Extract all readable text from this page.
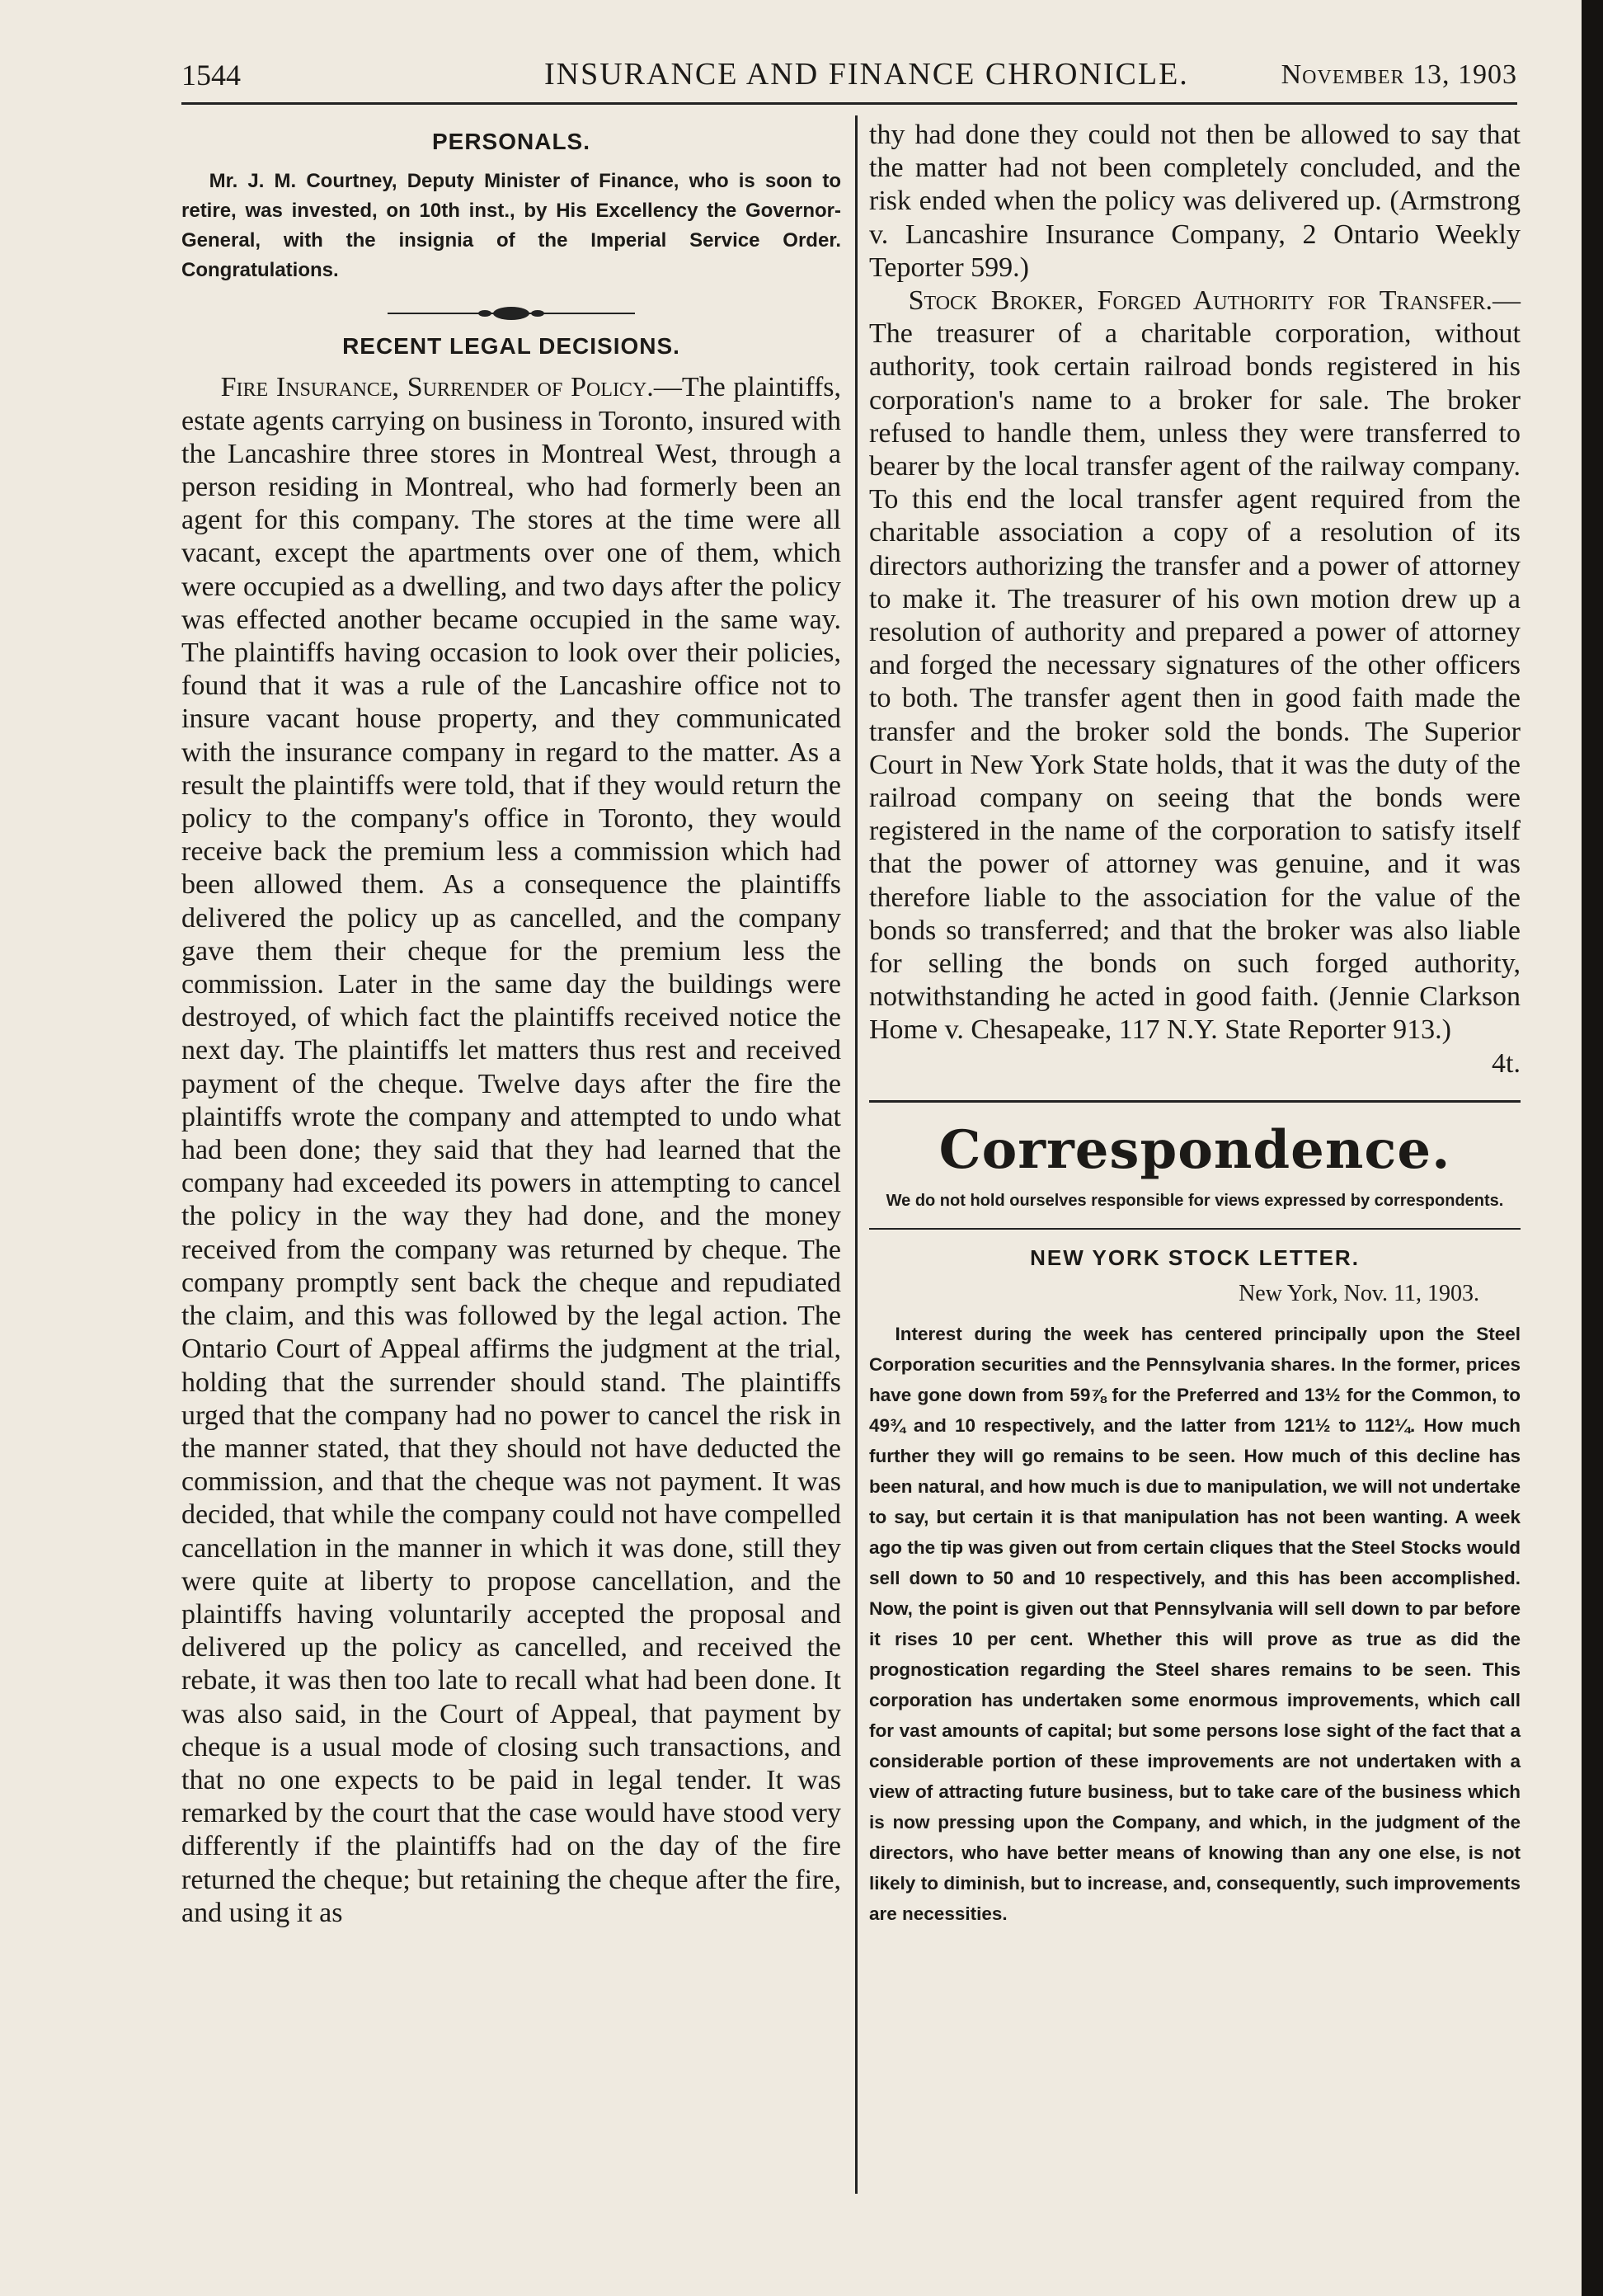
1544	INSURANCE AND FINANCE CHRONICLE.	November 13, 1903
PERSONALS.

Mr. J. M. Courtney, Deputy Minister of Finance, who is soon to retire, was invested, on 10th inst., by His Excellency the Governor-General, with the insignia of the Imperial Service Order. Congratulations.

RECENT LEGAL DECISIONS.

Fire Insurance, Surrender of Policy.—The plaintiffs, estate agents carrying on business in Toronto, insured with the Lancashire three stores in Montreal West, through a person residing in Montreal, who had formerly been an agent for this company. The stores at the time were all vacant, except the apartments over one of them, which were occupied as a dwelling, and two days after the policy was effected another became occupied in the same way. The plaintiffs having occasion to look over their policies, found that it was a rule of the Lancashire office not to insure vacant house property, and they communicated with the insurance company in regard to the matter. As a result the plaintiffs were told, that if they would return the policy to the company's office in Toronto, they would receive back the premium less a commission which had been allowed them. As a consequence the plaintiffs delivered the policy up as cancelled, and the company gave them their cheque for the premium less the commission. Later in the same day the buildings were destroyed, of which fact the plaintiffs received notice the next day. The plaintiffs let matters thus rest and received payment of the cheque. Twelve days after the fire the plaintiffs wrote the company and attempted to undo what had been done; they said that they had learned that the company had exceeded its powers in attempting to cancel the policy in the way they had done, and the money received from the company was returned by cheque. The company promptly sent back the cheque and repudiated the claim, and this was followed by the legal action. The Ontario Court of Appeal affirms the judgment at the trial, holding that the surrender should stand. The plaintiffs urged that the company had no power to cancel the risk in the manner stated, that they should not have deducted the commission, and that the cheque was not payment. It was decided, that while the company could not have compelled cancellation in the manner in which it was done, still they were quite at liberty to propose cancellation, and the plaintiffs having voluntarily accepted the proposal and delivered up the policy as cancelled, and received the rebate, it was then too late to recall what had been done. It was also said, in the Court of Appeal, that payment by cheque is a usual mode of closing such transactions, and that no one expects to be paid in legal tender. It was remarked by the court that the case would have stood very differently if the plaintiffs had on the day of the fire returned the cheque; but retaining the cheque after the fire, and using it as

thy had done they could not then be allowed to say that the matter had not been completely concluded, and the risk ended when the policy was delivered up. (Armstrong v. Lancashire Insurance Company, 2 Ontario Weekly Teporter 599.)

Stock Broker, Forged Authority for Transfer.—The treasurer of a charitable corporation, without authority, took certain railroad bonds registered in his corporation's name to a broker for sale. The broker refused to handle them, unless they were transferred to bearer by the local transfer agent of the railway company. To this end the local transfer agent required from the charitable association a copy of a resolution of its directors authorizing the transfer and a power of attorney to make it. The treasurer of his own motion drew up a resolution of authority and prepared a power of attorney and forged the necessary signatures of the other officers to both. The transfer agent then in good faith made the transfer and the broker sold the bonds. The Superior Court in New York State holds, that it was the duty of the railroad company on seeing that the bonds were registered in the name of the corporation to satisfy itself that the power of attorney was genuine, and it was therefore liable to the association for the value of the bonds so transferred; and that the broker was also liable for selling the bonds on such forged authority, notwithstanding he acted in good faith. (Jennie Clarkson Home v. Chesapeake, 117 N.Y. State Reporter 913.)

4t.

Correspondence.
We do not hold ourselves responsible for views expressed by correspondents.
NEW YORK STOCK LETTER.
New York, Nov. 11, 1903.

Interest during the week has centered principally upon the Steel Corporation securities and the Pennsylvania shares. In the former, prices have gone down from 59⅞ for the Preferred and 13½ for the Common, to 49¾ and 10 respectively, and the latter from 121½ to 112¼. How much further they will go remains to be seen. How much of this decline has been natural, and how much is due to manipulation, we will not undertake to say, but certain it is that manipulation has not been wanting. A week ago the tip was given out from certain cliques that the Steel Stocks would sell down to 50 and 10 respectively, and this has been accomplished. Now, the point is given out that Pennsylvania will sell down to par before it rises 10 per cent. Whether this will prove as true as did the prognostication regarding the Steel shares remains to be seen. This corporation has undertaken some enormous improvements, which call for vast amounts of capital; but some persons lose sight of the fact that a considerable portion of these improvements are not undertaken with a view of attracting future business, but to take care of the business which is now pressing upon the Company, and which, in the judgment of the directors, who have better means of knowing than any one else, is not likely to diminish, but to increase, and, consequently, such improvements are necessities.
